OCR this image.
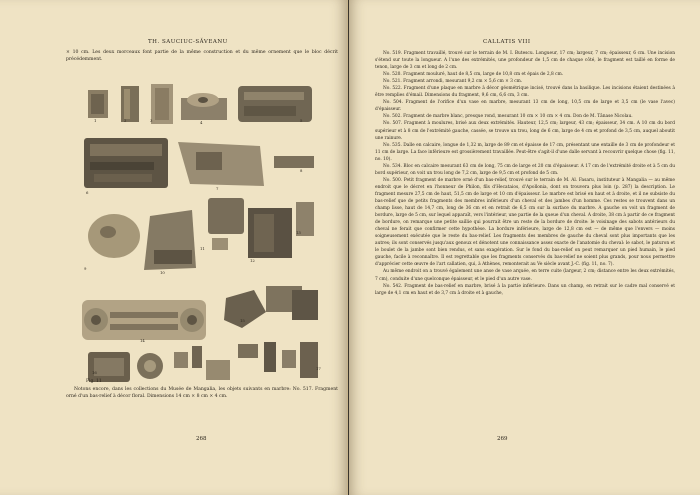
TH. SAUCIUC-SĂVEANU

× 10 cm. Les deux morceaux font partie de la même construction et du même ornement que le bloc décrit précédemment.

Fig. 11

Notons encore, dans les collections du Musée de Mangalia, les objets suivants en marbre: No. 517. Fragment orné d'un bas-relief à décor floral. Dimensions 14 cm × 8 cm × 4 cm.

268
1	2	3	4	5
6
7
8
9
10
11
12
13
14
15
16
17
CALLATIS VIII

No. 519. Fragment travaillé, trouvé sur le terrain de M. I. Butescu. Longueur, 17 cm; largeur, 7 cm; épaisseur, 6 cm. Une incision s'étend sur toute la longueur. A l'une des extrémités, une profondeur de 1,5 cm de chaque côté, le fragment est taillé en forme de tenon, large de 3 cm et long de 2 cm.

No. 520. Fragment mouluré, haut de 8,5 cm, large de 10,8 cm et épais de 2,8 cm.

No. 521. Fragment arrondi, mesurant 9,2 cm × 5,6 cm × 3 cm.

No. 522. Fragment d'une plaque en marbre à décor géométrique incisé, trouvé dans la basilique. Les incisions étaient destinées à être remplies d'émail. Dimensions du fragment, 9,6 cm, 6,6 cm, 3 cm.

No. 504. Fragment de l'orifice d'un vase en marbre, mesurant 13 cm de long, 10,5 cm de large et 3,5 cm (le vase l'avec) d'épaisseur.

No. 502. Fragment de marbre blanc, presque rond, mesurant 10 cm × 10 cm × 4 cm. Don de M. Tănase Nicolau.

No. 507. Fragment à moulures, brisé aux deux extrémités. Hauteur, 12,5 cm; largeur, 43 cm; épaisseur, 34 cm. A 10 cm du bord supérieur et à 8 cm de l'extrémité gauche, cassée, se trouve un trou, long de 6 cm, large de 4 cm et profond de 3,5 cm, auquel aboutit une rainure.

No. 535. Dalle en calcaire, longue de 1,32 m, large de 89 cm et épaisse de 17 cm, présentant une entaille de 3 cm de profondeur et 11 cm de large. La face inférieure est grossièrement travaillée. Peut-être s'agit-il d'une dalle servant à recouvrir quelque chose (fig. 11, no. 10).

No. 534. Bloc en calcaire mesurant 63 cm de long, 75 cm de large et 20 cm d'épaisseur. A 17 cm de l'extrémité droite et à 5 cm du bord supérieur, on voit un trou long de 7,2 cm, large de 9,5 cm et profond de 5 cm.

No. 500. Petit fragment de marbre orné d'un bas-relief, trouvé sur le terrain de M. Al. Fasaru, instituteur à Mangalia — au même endroit que le décret en l'honneur de Philon, fils d'Hecataios, d'Apollonia, dont on trouvera plus loin (p. 287) la description. Le fragment mesure 27,5 cm de haut, 51,5 cm de large et 10 cm d'épaisseur. Le marbre est brisé en haut et à droite, et il ne subsiste du bas-relief que de petits fragments des membres inférieurs d'un cheval et des jambes d'un homme. Ces restes se trouvent dans un champ lisse, haut de 14,7 cm, long de 36 cm et en retrait de 6,5 cm sur la surface du marbre. A gauche on voit un fragment de bordure, large de 5 cm, sur lequel apparaît, vers l'intérieur, une partie de la queue d'un cheval. A droite, 38 cm à partir de ce fragment de bordure, on remarque une petite saillie qui pourrait être un reste de la bordure de droite: le voisinage des sabots antérieurs du cheval ne ferait que confirmer cette hypothèse. La bordure inférieure, large de 12,8 cm est — de même que l'envers — moins soigneusement exécutée que le reste du bas-relief. Les fragments des membres de gauche du cheval sont plus importants que les autres; ils sont conservés jusqu'aux genoux et dénotent une connaissance assez exacte de l'anatomie du cheval: le sabot, le paturon et le boulet de la jambe sont bien rendus, et sans exagération. Sur le fond du bas-relief on peut remarquer un pied humain, le pied gauche, facile à reconnaître. Il est regrettable que les fragments conservés du bas-relief ne soient plus grands, pour nous permettre d'apprécier cette œuvre de l'art callatien, qui, à Athènes, remonterait au Ve siècle avant J.-C. (fig. 11, no. 7).

Au même endroit on a trouvé également une anse de vase arquée, en terre cuite (largeur, 2 cm; distance entre les deux extrémités, 7 cm), conduite d'une quelconque épaisseur, et le pied d'un autre vase.

No. 542. Fragment de bas-relief en marbre, brisé à la partie inférieure. Dans un champ, en retrait sur le cadre mal conservé et large de 4,1 cm en haut et de 3,7 cm à droite et à gauche,

269
